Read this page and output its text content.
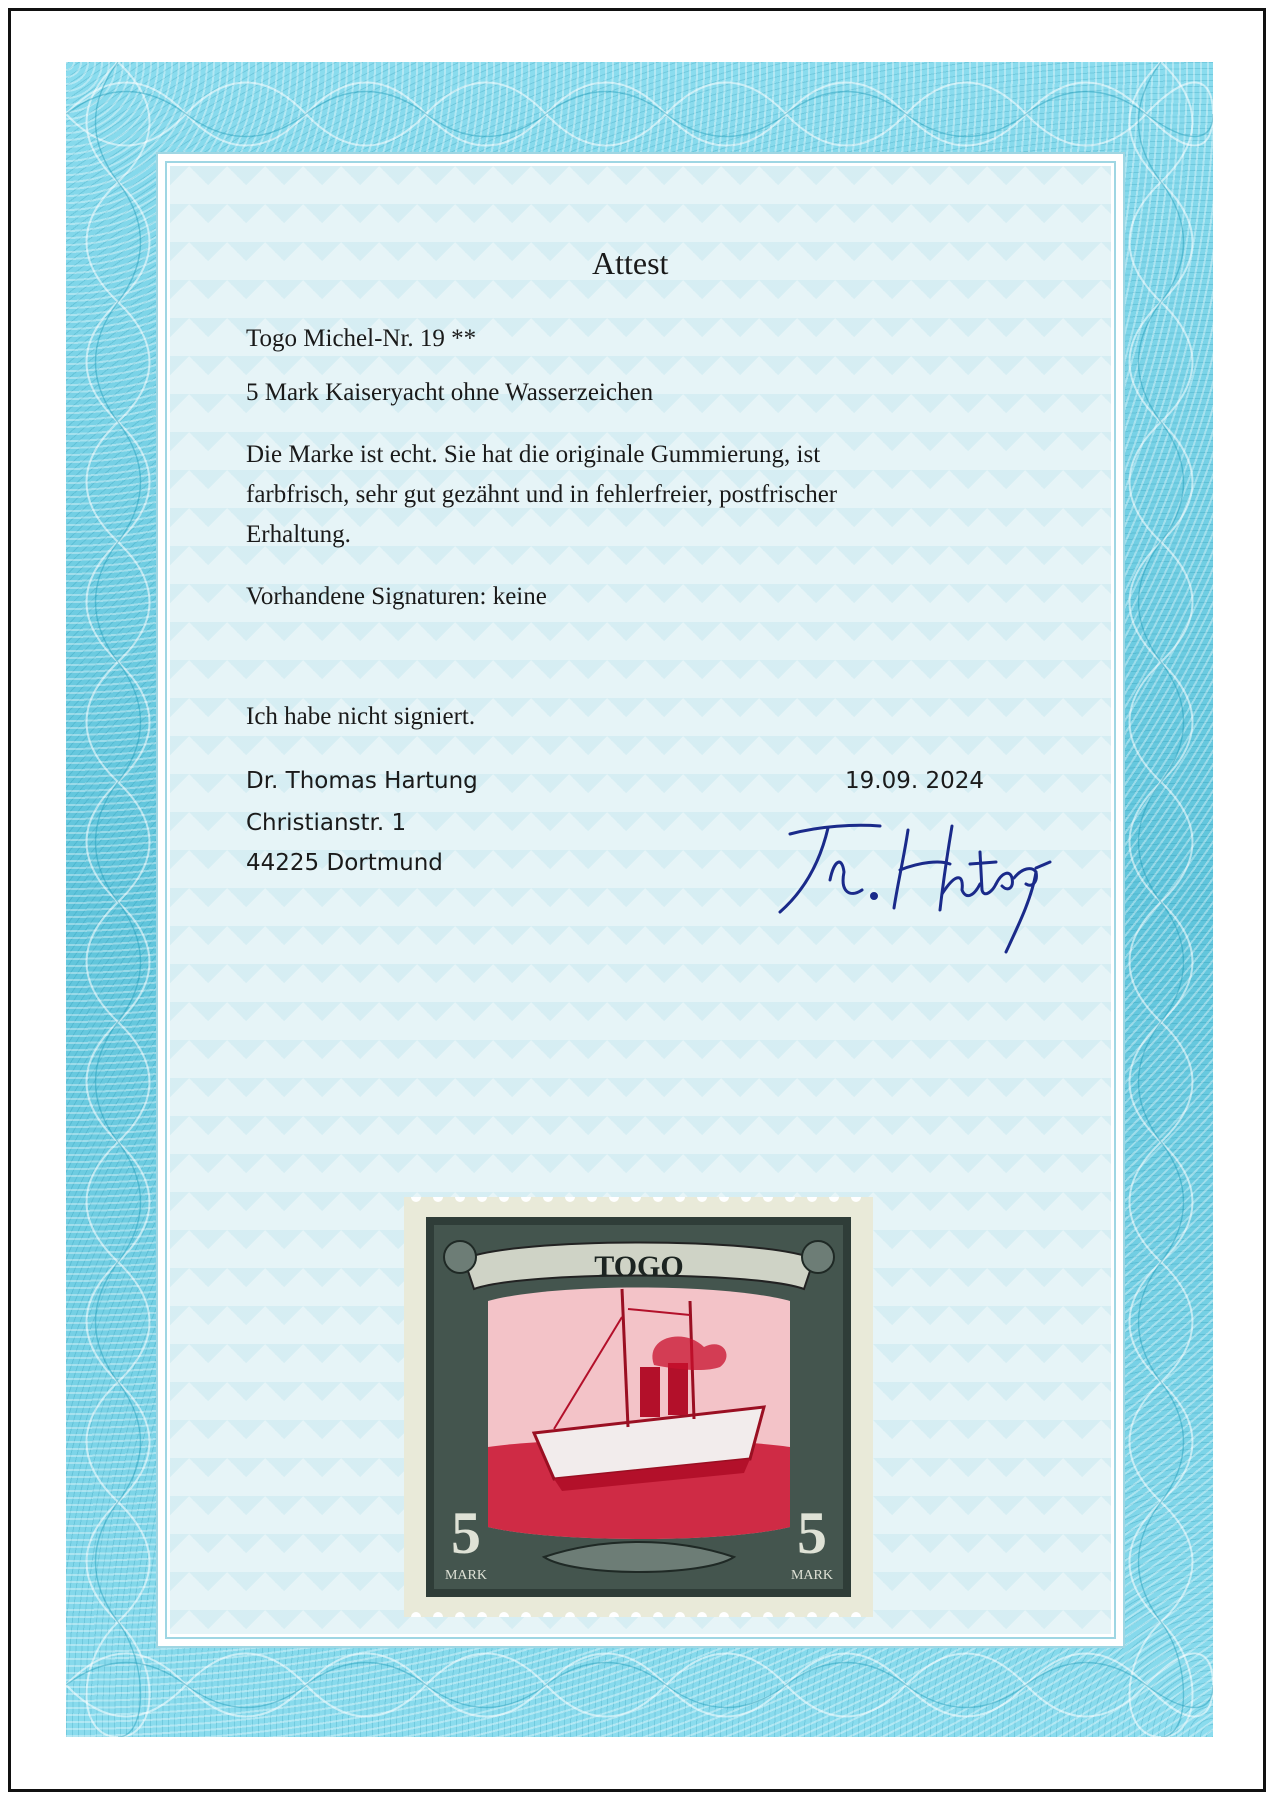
Attest
Togo Michel-Nr. 19 **
5 Mark Kaiseryacht ohne Wasserzeichen
Die Marke ist echt. Sie hat die originale Gummierung, ist
farbfrisch, sehr gut gezähnt und in fehlerfreier, postfrischer
Erhaltung.
Vorhandene Signaturen: keine
Ich habe nicht signiert.
Dr. Thomas Hartung
Christianstr. 1
44225 Dortmund
19.09. 2024
TOGO
5	5
MARK	MARK
